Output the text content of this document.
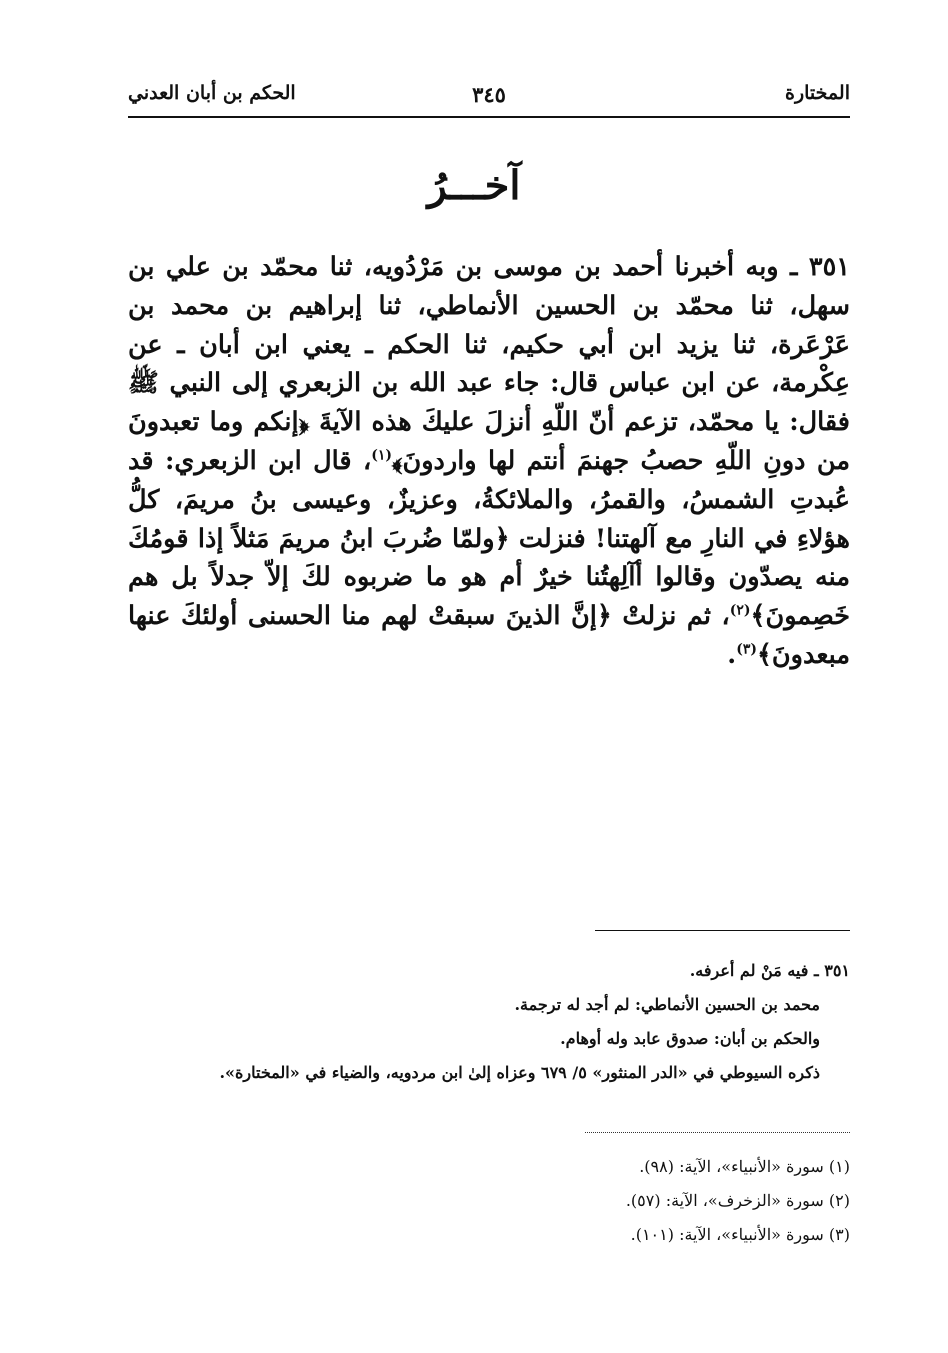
المختارة
٣٤٥
الحكم بن أبان العدني
آخـــرُ
٣٥١ ـ وبه أخبرنا أحمد بن موسى بن مَرْدُويه، ثنا محمّد بن علي بن سهل، ثنا محمّد بن الحسين الأنماطي، ثنا إبراهيم بن محمد بن عَرْعَرة، ثنا يزيد ابن أبي حكيم، ثنا الحكم ـ يعني ابن أبان ـ عن عِكْرمة، عن ابن عباس قال: جاء عبد الله بن الزبعري إلى النبي ﷺ فقال: يا محمّد، تزعم أنّ اللّهِ أنزلَ عليكَ هذه الآيةَ ﴿إنكم وما تعبدونَ من دونِ اللّهِ حصبُ جهنمَ أنتم لها واردونَ﴾$^{(١)}$، قال ابن الزبعري: قد عُبدتِ الشمسُ، والقمرُ، والملائكةُ، وعزيزٌ، وعيسى بنُ مريمَ، كلُّ هؤلاءِ في النارِ مع آلهتنا! فنزلت ﴿ولمّا ضُربَ ابنُ مريمَ مَثلاً إذا قومُكَ منه يصدّون وقالوا أآلِهتُنا خيرٌ أم هو ما ضربوه لكَ إلاّ جدلاً بل هم خَصِمونَ﴾$^{(٢)}$، ثم نزلتْ ﴿إنَّ الذينَ سبقتْ لهم منا الحسنى أولئكَ عنها مبعدونَ﴾$^{(٣)}$.
٣٥١ ـ فيه مَنْ لم أعرفه.
محمد بن الحسين الأنماطي: لم أجد له ترجمة.
والحكم بن أبان: صدوق عابد وله أوهام.
ذكره السيوطي في «الدر المنثور» ٥/ ٦٧٩ وعزاه إلىٰ ابن مردويه، والضياء في «المختارة».
(١) سورة «الأنبياء»، الآية: (٩٨).
(٢) سورة «الزخرف»، الآية: (٥٧).
(٣) سورة «الأنبياء»، الآية: (١٠١).
